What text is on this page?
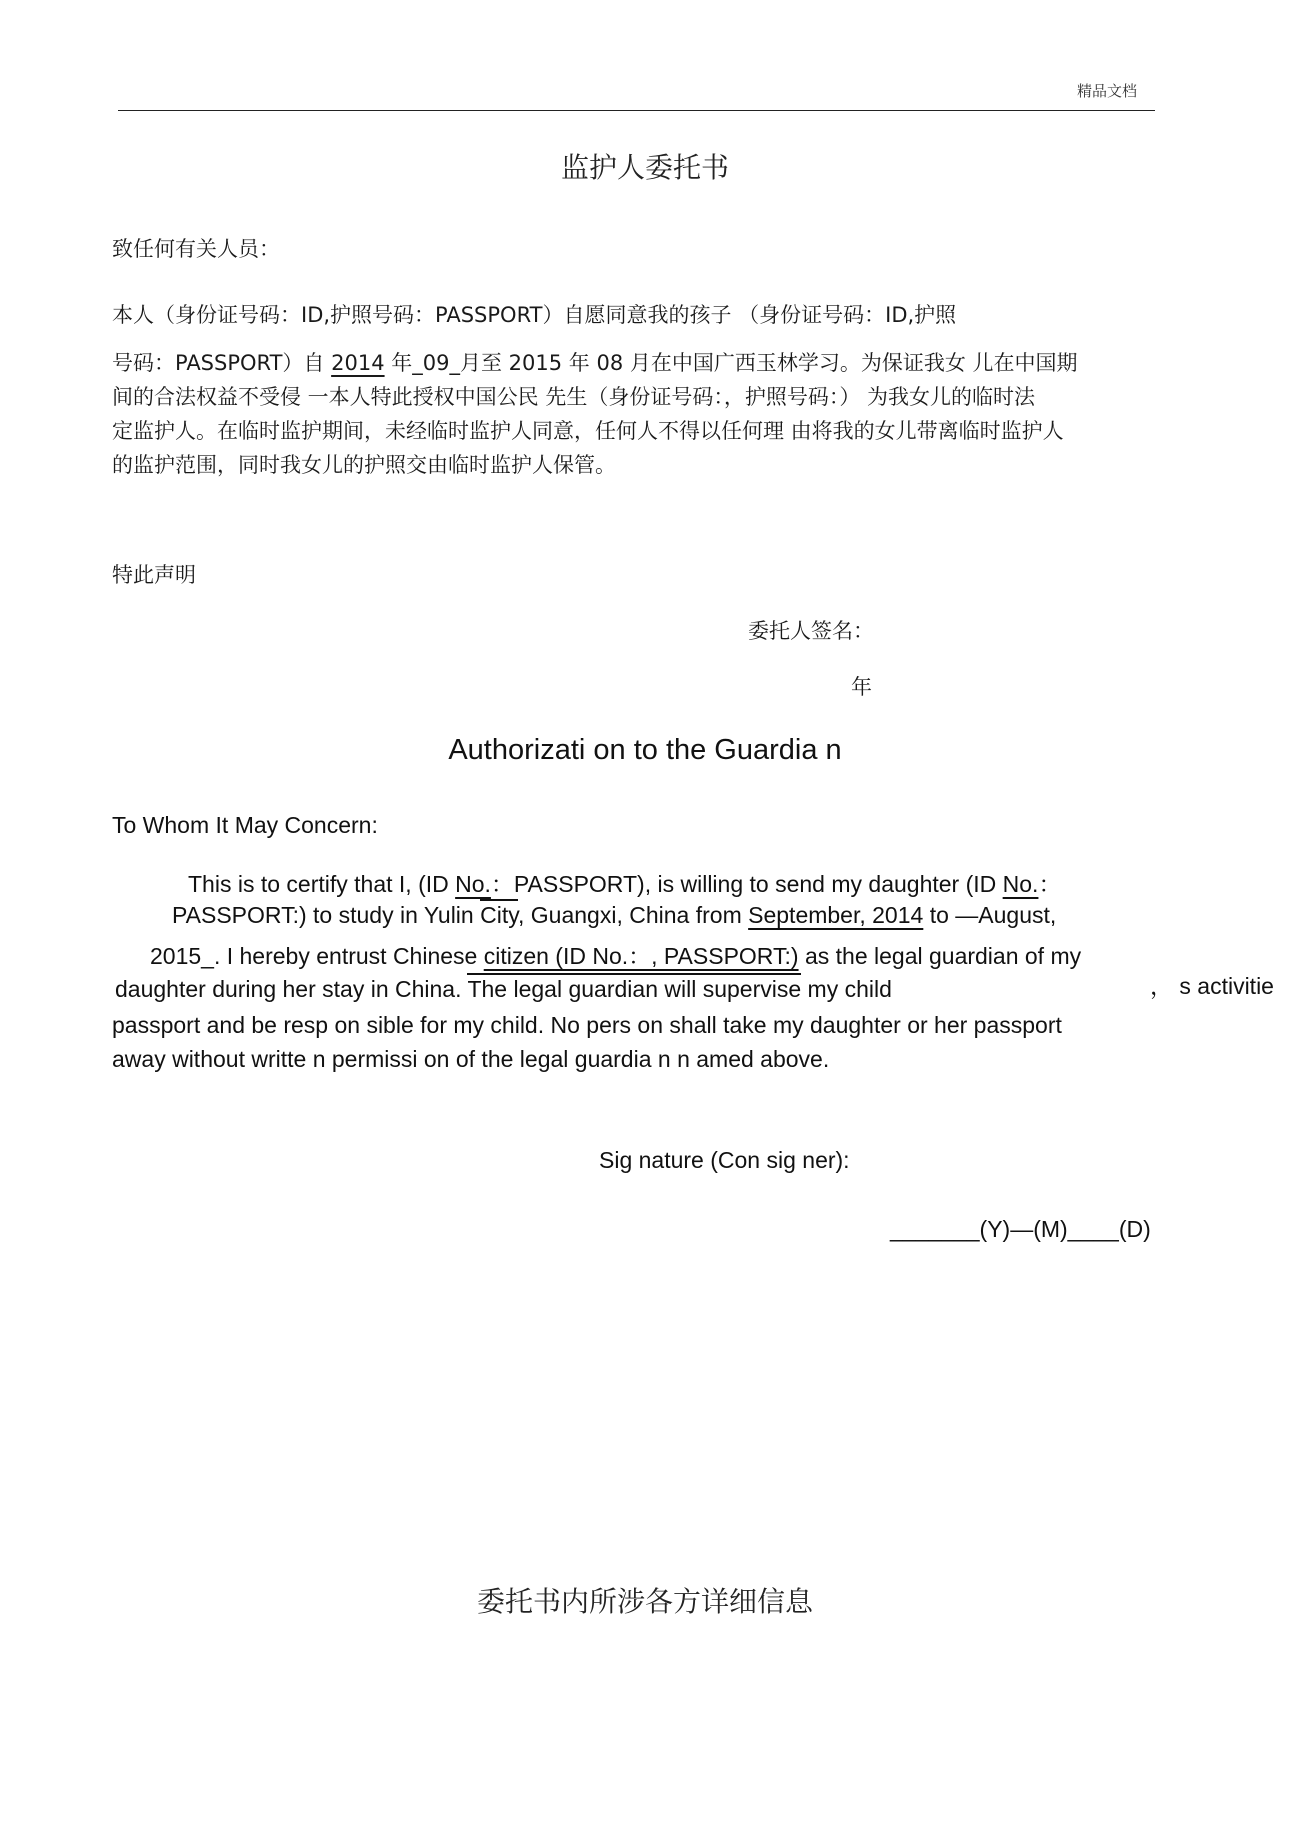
精品文档
监护人委托书
致任何有关人员：
本人（身份证号码：ID,护照号码：PASSPORT）自愿同意我的孩子 （身份证号码：ID,护照
号码：PASSPORT）自 2014 年_09_月至 2015 年 08 月在中国广西玉林学习。为保证我女 儿在中国期
间的合法权益不受侵 一本人特此授权中国公民 先生（身份证号码：，护照号码：） 为我女儿的临时法
定监护人。在临时监护期间，未经临时监护人同意，任何人不得以任何理 由将我的女儿带离临时监护人
的监护范围，同时我女儿的护照交由临时监护人保管。
特此声明
委托人签名：
年
Authorizati on to the Guardia n
To Whom It May Concern:
This is to certify that I, (ID No.：PASSPORT), is willing to send my daughter (ID No.：
PASSPORT:) to study in Yulin City, Guangxi, China from September, 2014 to —August,
2015_. I hereby entrust Chinese citizen (ID No.：, PASSPORT:) as the legal guardian of my
daughter during her stay in China. The legal guardian will supervise my child	， s activitie
passport and be resp on sible for my child. No pers on shall take my daughter or her passport
away without writte n permissi on of the legal guardia n n amed above.
Sig nature (Con sig ner):
_______(Y)—(M)____(D)
委托书内所涉各方详细信息
